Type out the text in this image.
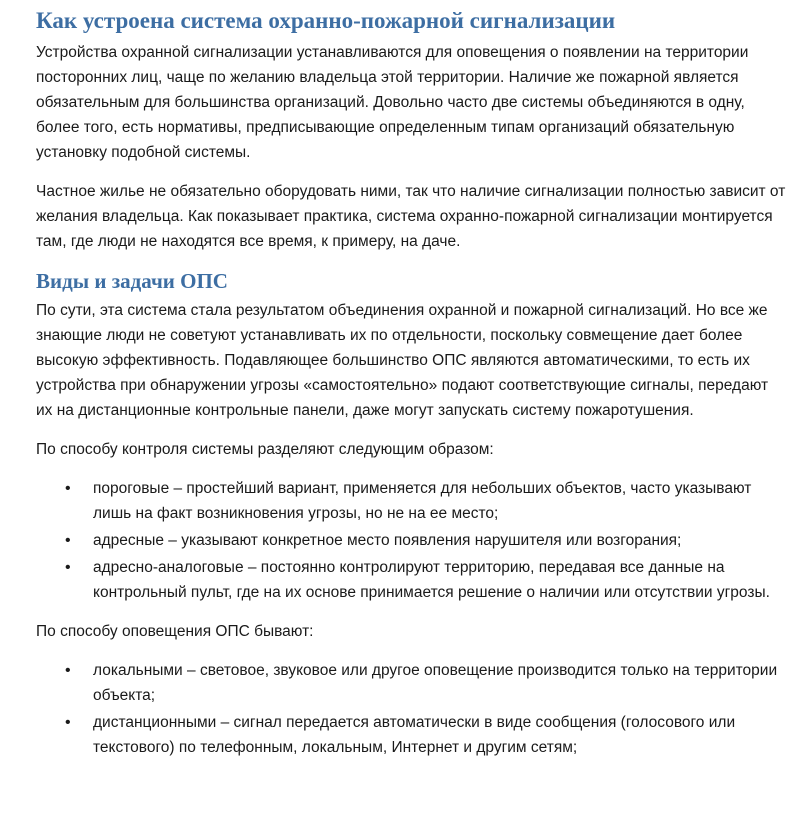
Как устроена система охранно-пожарной сигнализации

Устройства охранной сигнализации устанавливаются для оповещения о появлении на территории посторонних лиц, чаще по желанию владельца этой территории. Наличие же пожарной является обязательным для большинства организаций. Довольно часто две системы объединяются в одну, более того, есть нормативы, предписывающие определенным типам организаций обязательную установку подобной системы.

Частное жилье не обязательно оборудовать ними, так что наличие сигнализации полностью зависит от желания владельца. Как показывает практика, система охранно-пожарной сигнализации монтируется там, где люди не находятся все время, к примеру, на даче.

Виды и задачи ОПС

По сути, эта система стала результатом объединения охранной и пожарной сигнализаций. Но все же знающие люди не советуют устанавливать их по отдельности, поскольку совмещение дает более высокую эффективность. Подавляющее большинство ОПС являются автоматическими, то есть их устройства при обнаружении угрозы «самостоятельно» подают соответствующие сигналы, передают их на дистанционные контрольные панели, даже могут запускать систему пожаротушения.

По способу контроля системы разделяют следующим образом:

• пороговые – простейший вариант, применяется для небольших объектов, часто указывают лишь на факт возникновения угрозы, но не на ее место;
• адресные – указывают конкретное место появления нарушителя или возгорания;
• адресно-аналоговые – постоянно контролируют территорию, передавая все данные на контрольный пульт, где на их основе принимается решение о наличии или отсутствии угрозы.

По способу оповещения ОПС бывают:

• локальными – световое, звуковое или другое оповещение производится только на территории объекта;
• дистанционными – сигнал передается автоматически в виде сообщения (голосового или текстового) по телефонным, локальным, Интернет и другим сетям;
